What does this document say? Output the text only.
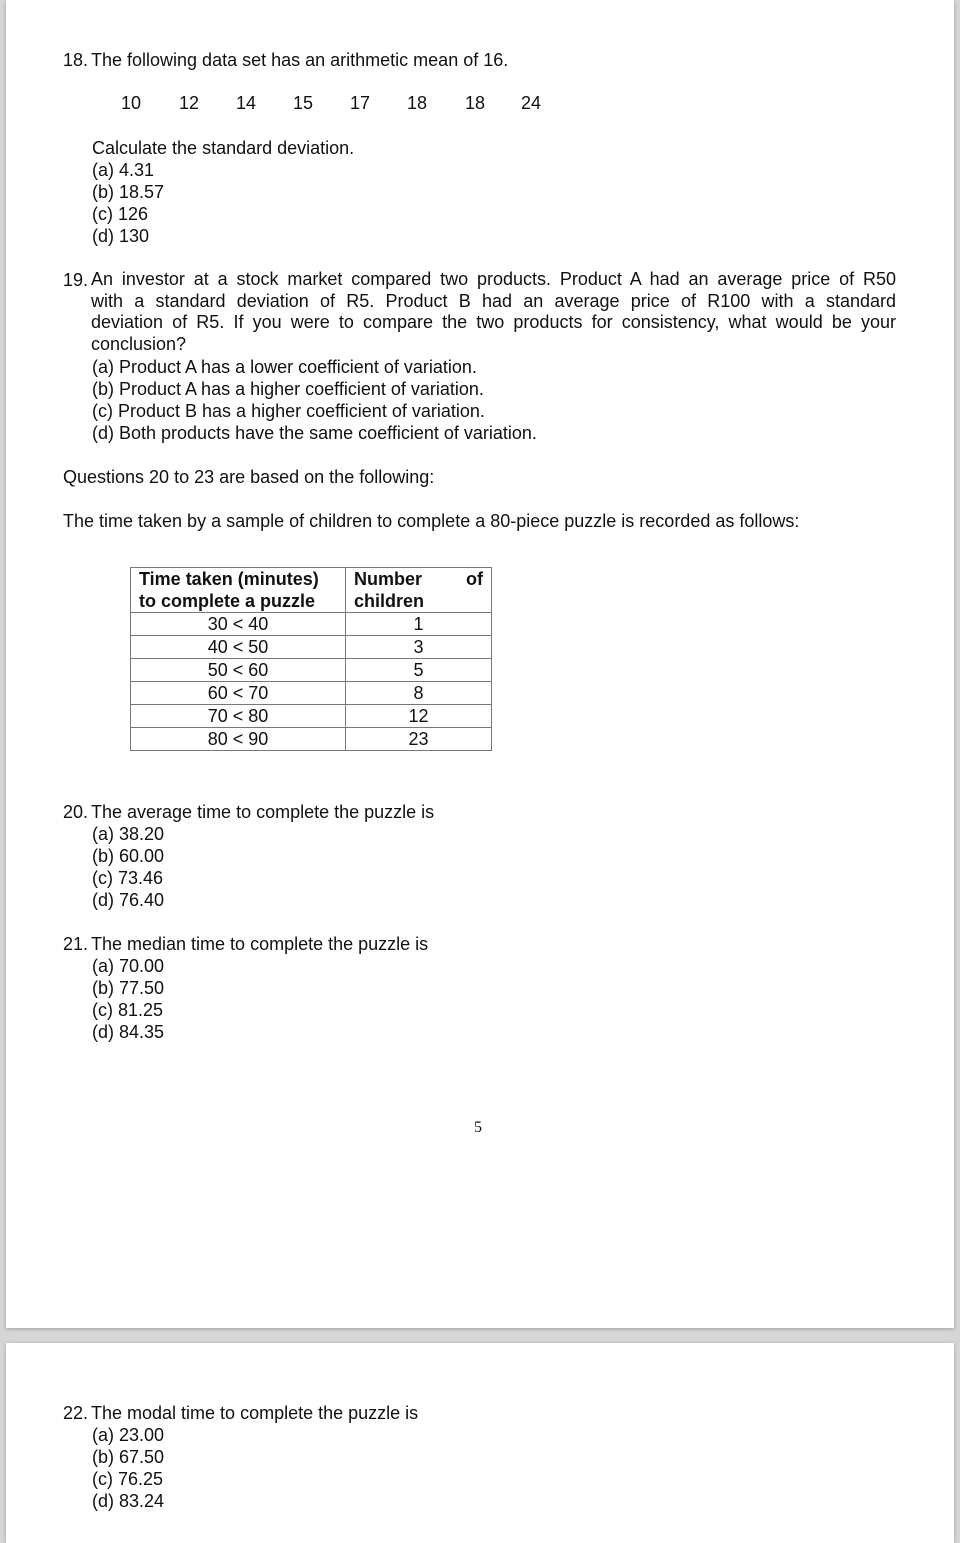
18. The following data set has an arithmetic mean of 16.
10 12 14 15 17 18 18 24
Calculate the standard deviation.
(a) 4.31
(b) 18.57
(c) 126
(d) 130
19. An investor at a stock market compared two products. Product A had an average price of R50
with a standard deviation of R5. Product B had an average price of R100 with a standard
deviation of R5. If you were to compare the two products for consistency, what would be your
conclusion?
(a) Product A has a lower coefficient of variation.
(b) Product A has a higher coefficient of variation.
(c) Product B has a higher coefficient of variation.
(d) Both products have the same coefficient of variation.
Questions 20 to 23 are based on the following:
The time taken by a sample of children to complete a 80-piece puzzle is recorded as follows:
Time taken (minutes) to complete a puzzle	Number of children
30 < 40	1
40 < 50	3
50 < 60	5
60 < 70	8
70 < 80	12
80 < 90	23
20. The average time to complete the puzzle is
(a) 38.20
(b) 60.00
(c) 73.46
(d) 76.40
21. The median time to complete the puzzle is
(a) 70.00
(b) 77.50
(c) 81.25
(d) 84.35
5
22. The modal time to complete the puzzle is
(a) 23.00
(b) 67.50
(c) 76.25
(d) 83.24
